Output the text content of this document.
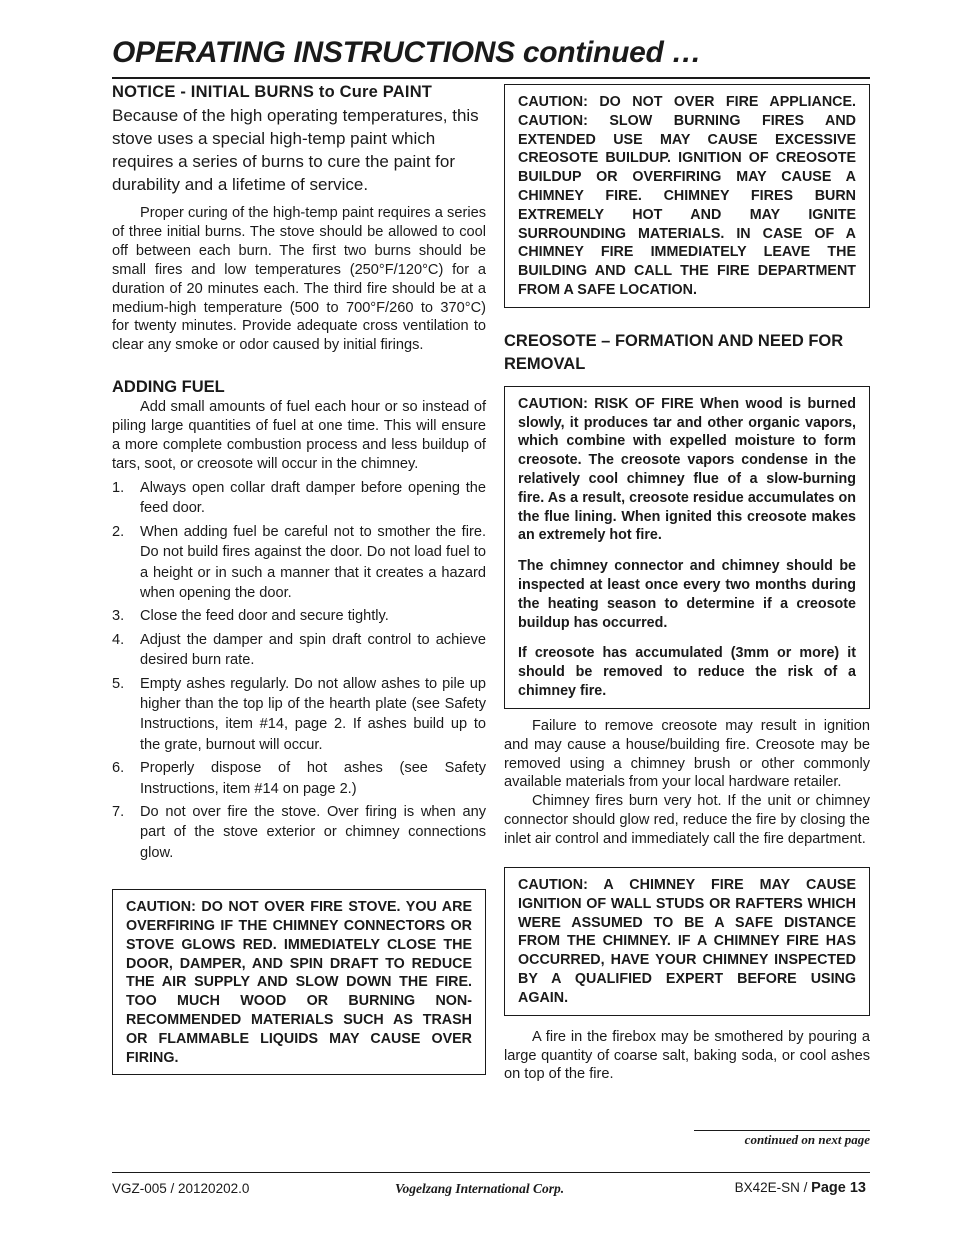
OPERATING INSTRUCTIONS continued …
NOTICE - INITIAL BURNS to Cure PAINT
Because of the high operating temperatures, this stove uses a special high-temp paint which requires a series of burns to cure the paint for durability and a lifetime of service.

Proper curing of the high-temp paint requires a series of three initial burns. The stove should be allowed to cool off between each burn. The first two burns should be small fires and low temperatures (250°F/120°C) for a duration of 20 minutes each. The third fire should be at a medium-high temperature (500 to 700°F/260 to 370°C) for twenty minutes. Provide adequate cross ventilation to clear any smoke or odor caused by initial firings.

ADDING FUEL

Add small amounts of fuel each hour or so instead of piling large quantities of fuel at one time. This will ensure a more complete combustion process and less buildup of tars, soot, or creosote will occur in the chimney.

1. Always open collar draft damper before opening the feed door.
2. When adding fuel be careful not to smother the fire. Do not build fires against the door. Do not load fuel to a height or in such a manner that it creates a hazard when opening the door.
3. Close the feed door and secure tightly.
4. Adjust the damper and spin draft control to achieve desired burn rate.
5. Empty ashes regularly. Do not allow ashes to pile up higher than the top lip of the hearth plate (see Safety Instructions, item #14, page 2. If ashes build up to the grate, burnout will occur.
6. Properly dispose of hot ashes (see Safety Instructions, item #14 on page 2.)
7. Do not over fire the stove. Over firing is when any part of the stove exterior or chimney connections glow.

CAUTION: DO NOT OVER FIRE STOVE. YOU ARE OVERFIRING IF THE CHIMNEY CONNECTORS OR STOVE GLOWS RED. IMMEDIATELY CLOSE THE DOOR, DAMPER, AND SPIN DRAFT TO REDUCE THE AIR SUPPLY AND SLOW DOWN THE FIRE. TOO MUCH WOOD OR BURNING NON-RECOMMENDED MATERIALS SUCH AS TRASH OR FLAMMABLE LIQUIDS MAY CAUSE OVER FIRING.

CAUTION: DO NOT OVER FIRE APPLIANCE. CAUTION: SLOW BURNING FIRES AND EXTENDED USE MAY CAUSE EXCESSIVE CREOSOTE BUILDUP. IGNITION OF CREOSOTE BUILDUP OR OVERFIRING MAY CAUSE A CHIMNEY FIRE. CHIMNEY FIRES BURN EXTREMELY HOT AND MAY IGNITE SURROUNDING MATERIALS. IN CASE OF A CHIMNEY FIRE IMMEDIATELY LEAVE THE BUILDING AND CALL THE FIRE DEPARTMENT FROM A SAFE LOCATION.

CREOSOTE – FORMATION AND NEED FOR REMOVAL

CAUTION: RISK OF FIRE When wood is burned slowly, it produces tar and other organic vapors, which combine with expelled moisture to form creosote. The creosote vapors condense in the relatively cool chimney flue of a slow-burning fire. As a result, creosote residue accumulates on the flue lining. When ignited this creosote makes an extremely hot fire.

The chimney connector and chimney should be inspected at least once every two months during the heating season to determine if a creosote buildup has occurred.

If creosote has accumulated (3mm or more) it should be removed to reduce the risk of a chimney fire.

Failure to remove creosote may result in ignition and may cause a house/building fire. Creosote may be removed using a chimney brush or other commonly available materials from your local hardware retailer.

Chimney fires burn very hot. If the unit or chimney connector should glow red, reduce the fire by closing the inlet air control and immediately call the fire department.

CAUTION: A CHIMNEY FIRE MAY CAUSE IGNITION OF WALL STUDS OR RAFTERS WHICH WERE ASSUMED TO BE A SAFE DISTANCE FROM THE CHIMNEY. IF A CHIMNEY FIRE HAS OCCURRED, HAVE YOUR CHIMNEY INSPECTED BY A QUALIFIED EXPERT BEFORE USING AGAIN.

A fire in the firebox may be smothered by pouring a large quantity of coarse salt, baking soda, or cool ashes on top of the fire.

continued on next page
VGZ-005 / 20120202.0	Vogelzang International Corp.	BX42E-SN / Page 13
